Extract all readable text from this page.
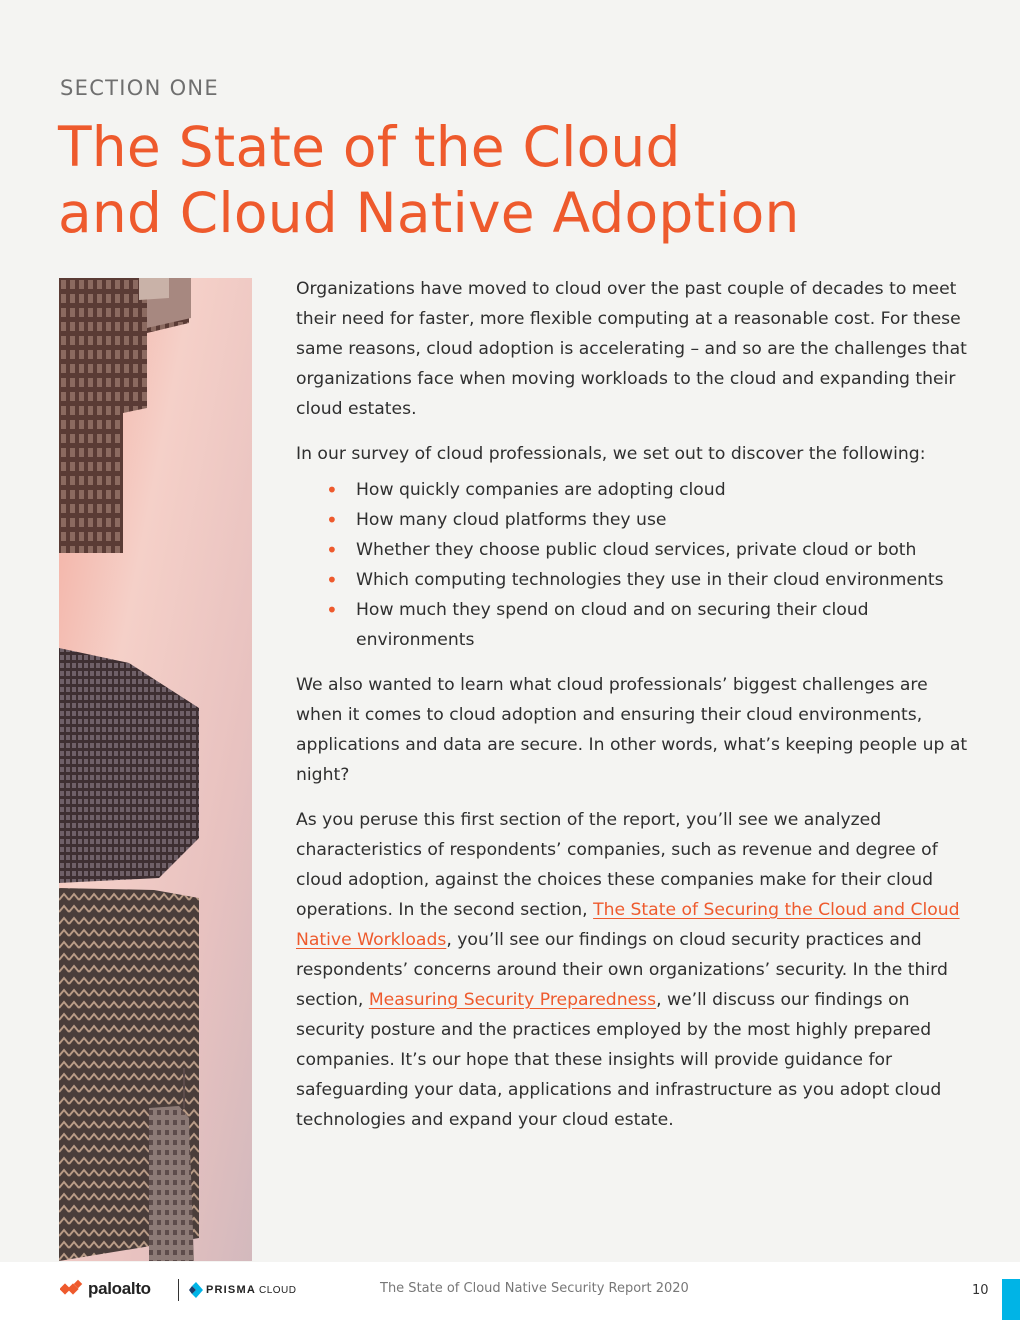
SECTION ONE
The State of the Cloud
and Cloud Native Adoption

Organizations have moved to cloud over the past couple of decades to meet their need for faster, more flexible computing at a reasonable cost. For these same reasons, cloud adoption is accelerating – and so are the challenges that organizations face when moving workloads to the cloud and expanding their cloud estates.

In our survey of cloud professionals, we set out to discover the following:

• How quickly companies are adopting cloud
• How many cloud platforms they use
• Whether they choose public cloud services, private cloud or both
• Which computing technologies they use in their cloud environments
• How much they spend on cloud and on securing their cloud environments

We also wanted to learn what cloud professionals’ biggest challenges are when it comes to cloud adoption and ensuring their cloud environments, applications and data are secure. In other words, what’s keeping people up at night?

As you peruse this first section of the report, you’ll see we analyzed characteristics of respondents’ companies, such as revenue and degree of cloud adoption, against the choices these companies make for their cloud operations. In the second section, The State of Securing the Cloud and Cloud Native Workloads, you’ll see our findings on cloud security practices and respondents’ concerns around their own organizations’ security. In the third section, Measuring Security Preparedness, we’ll discuss our findings on security posture and the practices employed by the most highly prepared companies. It’s our hope that these insights will provide guidance for safeguarding your data, applications and infrastructure as you adopt cloud technologies and expand your cloud estate.

paloalto	PRISMA CLOUD	The State of Cloud Native Security Report 2020	10
